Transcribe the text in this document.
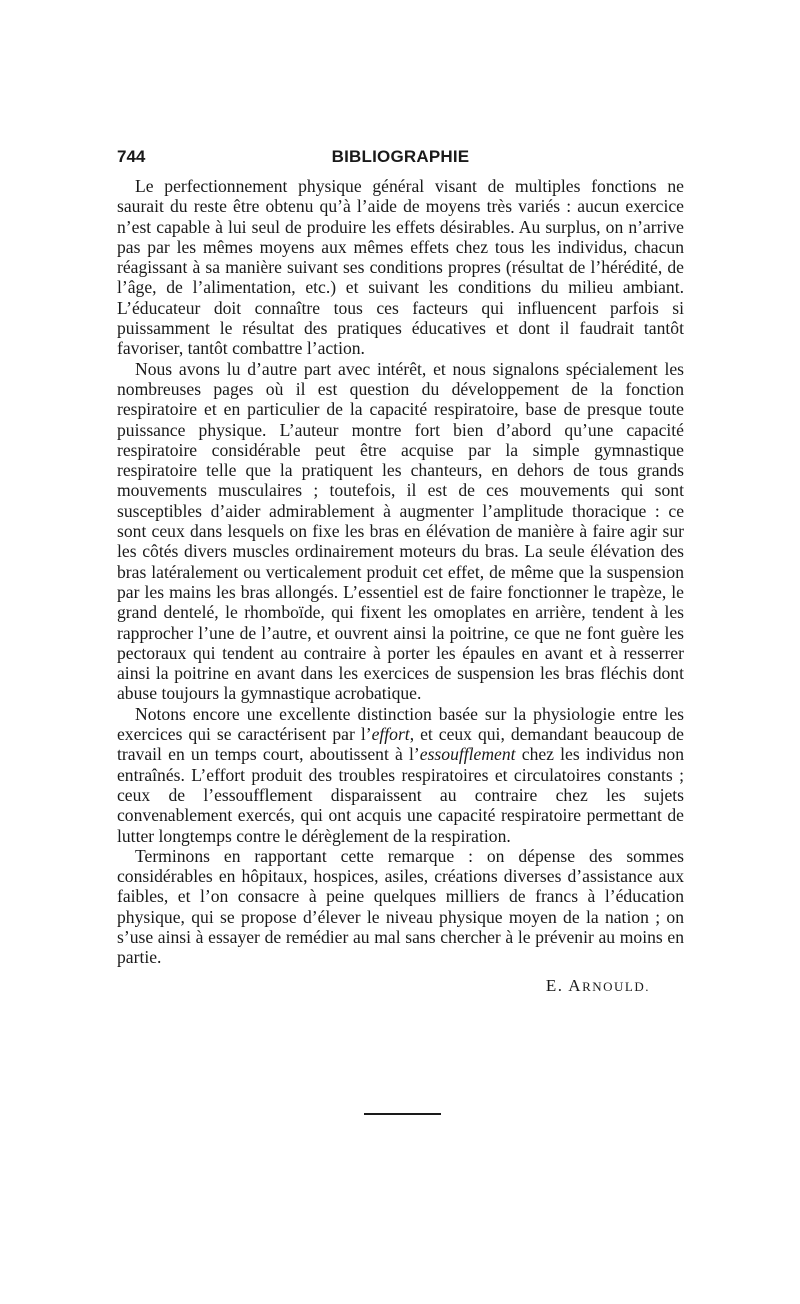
744	BIBLIOGRAPHIE

Le perfectionnement physique général visant de multiples fonctions ne saurait du reste être obtenu qu’à l’aide de moyens très variés : aucun exercice n’est capable à lui seul de produire les effets désirables. Au surplus, on n’arrive pas par les mêmes moyens aux mêmes effets chez tous les individus, chacun réagissant à sa manière suivant ses conditions propres (résultat de l’hérédité, de l’âge, de l’alimentation, etc.) et suivant les conditions du milieu ambiant. L’éducateur doit connaître tous ces facteurs qui influencent parfois si puissamment le résultat des pratiques éducatives et dont il faudrait tantôt favoriser, tantôt combattre l’action.

Nous avons lu d’autre part avec intérêt, et nous signalons spécialement les nombreuses pages où il est question du développement de la fonction respiratoire et en particulier de la capacité respiratoire, base de presque toute puissance physique. L’auteur montre fort bien d’abord qu’une capacité respiratoire considérable peut être acquise par la simple gymnastique respiratoire telle que la pratiquent les chanteurs, en dehors de tous grands mouvements musculaires ; toutefois, il est de ces mouvements qui sont susceptibles d’aider admirablement à augmenter l’amplitude thoracique : ce sont ceux dans lesquels on fixe les bras en élévation de manière à faire agir sur les côtés divers muscles ordinairement moteurs du bras. La seule élévation des bras latéralement ou verticalement produit cet effet, de même que la suspension par les mains les bras allongés. L’essentiel est de faire fonctionner le trapèze, le grand dentelé, le rhomboïde, qui fixent les omoplates en arrière, tendent à les rapprocher l’une de l’autre, et ouvrent ainsi la poitrine, ce que ne font guère les pectoraux qui tendent au contraire à porter les épaules en avant et à resserrer ainsi la poitrine en avant dans les exercices de suspension les bras fléchis dont abuse toujours la gymnastique acrobatique.

Notons encore une excellente distinction basée sur la physiologie entre les exercices qui se caractérisent par l’effort, et ceux qui, demandant beaucoup de travail en un temps court, aboutissent à l’essoufflement chez les individus non entraînés. L’effort produit des troubles respiratoires et circulatoires constants ; ceux de l’essoufflement disparaissent au contraire chez les sujets convenablement exercés, qui ont acquis une capacité respiratoire permettant de lutter longtemps contre le dérèglement de la respiration.

Terminons en rapportant cette remarque : on dépense des sommes considérables en hôpitaux, hospices, asiles, créations diverses d’assistance aux faibles, et l’on consacre à peine quelques milliers de francs à l’éducation physique, qui se propose d’élever le niveau physique moyen de la nation ; on s’use ainsi à essayer de remédier au mal sans chercher à le prévenir au moins en partie.

E. ARNOULD.
